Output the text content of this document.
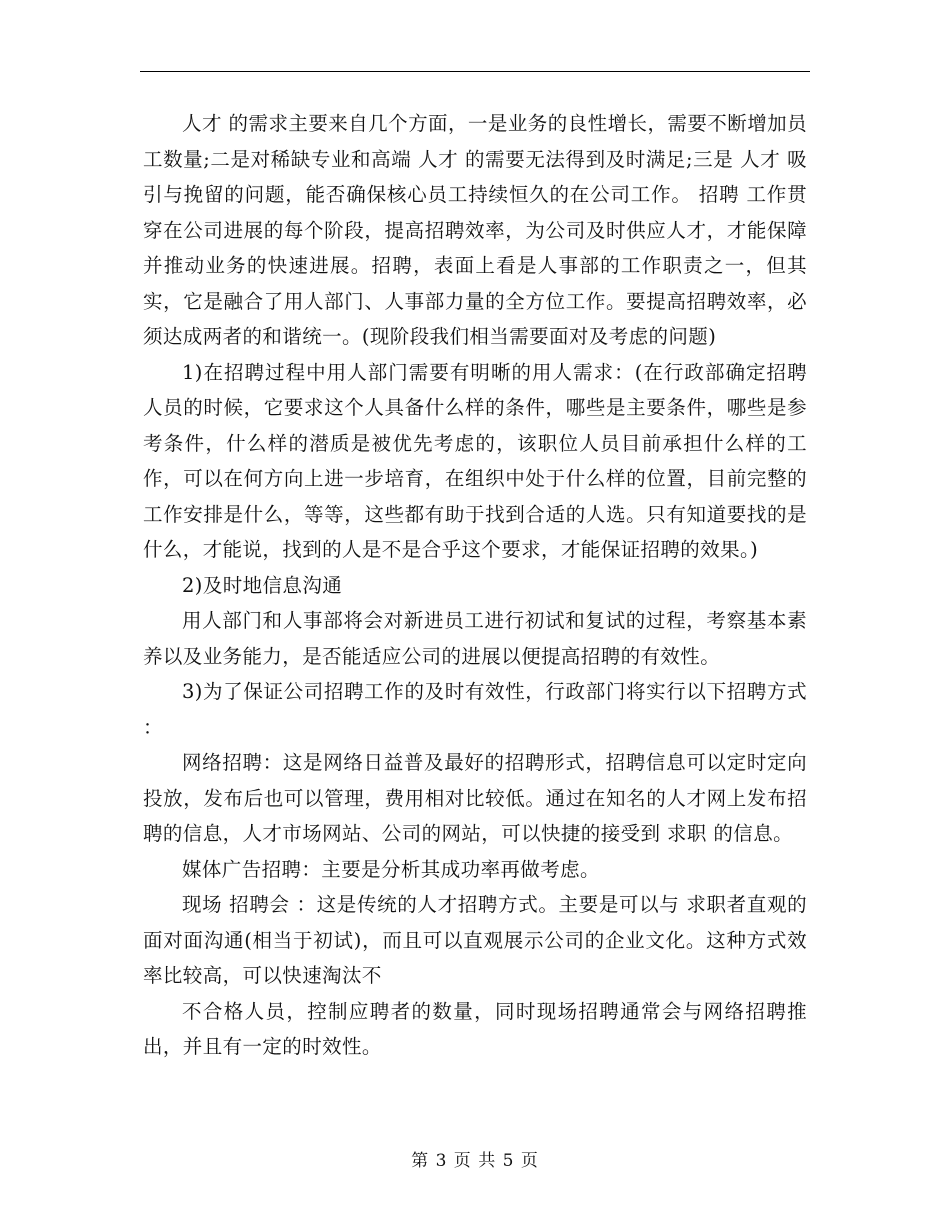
人才 的需求主要来自几个方面，一是业务的良性增长，需要不断增加员工数量;二是对稀缺专业和高端 人才 的需要无法得到及时满足;三是 人才 吸引与挽留的问题，能否确保核心员工持续恒久的在公司工作。 招聘 工作贯穿在公司进展的每个阶段，提高招聘效率，为公司及时供应人才，才能保障并推动业务的快速进展。招聘，表面上看是人事部的工作职责之一，但其实，它是融合了用人部门、人事部力量的全方位工作。要提高招聘效率，必须达成两者的和谐统一。(现阶段我们相当需要面对及考虑的问题)

1)在招聘过程中用人部门需要有明晰的用人需求：(在行政部确定招聘人员的时候，它要求这个人具备什么样的条件，哪些是主要条件，哪些是参考条件，什么样的潜质是被优先考虑的，该职位人员目前承担什么样的工作，可以在何方向上进一步培育，在组织中处于什么样的位置，目前完整的工作安排是什么，等等，这些都有助于找到合适的人选。只有知道要找的是什么，才能说，找到的人是不是合乎这个要求，才能保证招聘的效果。)

2)及时地信息沟通

用人部门和人事部将会对新进员工进行初试和复试的过程，考察基本素养以及业务能力，是否能适应公司的进展以便提高招聘的有效性。

3)为了保证公司招聘工作的及时有效性，行政部门将实行以下招聘方式 ：

网络招聘：这是网络日益普及最好的招聘形式，招聘信息可以定时定向投放，发布后也可以管理，费用相对比较低。通过在知名的人才网上发布招聘的信息，人才市场网站、公司的网站，可以快捷的接受到 求职 的信息。

媒体广告招聘：主要是分析其成功率再做考虑。

现场 招聘会 ：这是传统的人才招聘方式。主要是可以与 求职者直观的面对面沟通(相当于初试)，而且可以直观展示公司的企业文化。这种方式效率比较高，可以快速淘汰不

不合格人员，控制应聘者的数量，同时现场招聘通常会与网络招聘推出，并且有一定的时效性。

第 3 页 共 5 页
